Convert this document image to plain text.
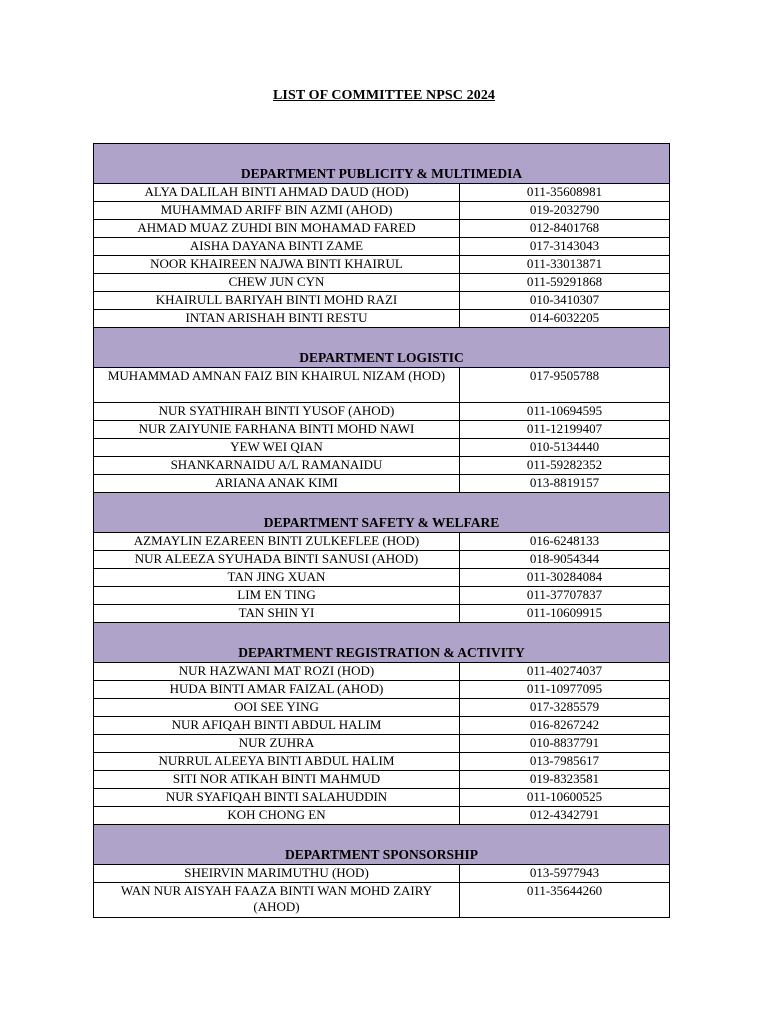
LIST OF COMMITTEE NPSC 2024
DEPARTMENT PUBLICITY & MULTIMEDIA	
ALYA DALILAH BINTI AHMAD DAUD (HOD)	011-35608981
MUHAMMAD ARIFF BIN AZMI (AHOD)	019-2032790
AHMAD MUAZ ZUHDI BIN MOHAMAD FARED	012-8401768
AISHA DAYANA BINTI ZAME	017-3143043
NOOR KHAIREEN NAJWA BINTI KHAIRUL	011-33013871
CHEW JUN CYN	011-59291868
KHAIRULL BARIYAH BINTI MOHD RAZI	010-3410307
INTAN ARISHAH BINTI RESTU	014-6032205
DEPARTMENT LOGISTIC	
MUHAMMAD AMNAN FAIZ BIN KHAIRUL NIZAM (HOD)	017-9505788
NUR SYATHIRAH BINTI YUSOF (AHOD)	011-10694595
NUR ZAIYUNIE FARHANA BINTI MOHD NAWI	011-12199407
YEW WEI QIAN	010-5134440
SHANKARNAIDU A/L RAMANAIDU	011-59282352
ARIANA ANAK KIMI	013-8819157
DEPARTMENT SAFETY & WELFARE	
AZMAYLIN EZAREEN BINTI ZULKEFLEE (HOD)	016-6248133
NUR ALEEZA SYUHADA BINTI SANUSI (AHOD)	018-9054344
TAN JING XUAN	011-30284084
LIM EN TING	011-37707837
TAN SHIN YI	011-10609915
DEPARTMENT REGISTRATION & ACTIVITY	
NUR HAZWANI MAT ROZI (HOD)	011-40274037
HUDA BINTI AMAR FAIZAL (AHOD)	011-10977095
OOI SEE YING	017-3285579
NUR AFIQAH BINTI ABDUL HALIM	016-8267242
NUR ZUHRA	010-8837791
NURRUL ALEEYA BINTI ABDUL HALIM	013-7985617
SITI NOR ATIKAH BINTI MAHMUD	019-8323581
NUR SYAFIQAH BINTI SALAHUDDIN	011-10600525
KOH CHONG EN	012-4342791
DEPARTMENT SPONSORSHIP	
SHEIRVIN MARIMUTHU (HOD)	013-5977943
WAN NUR AISYAH FAAZA BINTI WAN MOHD ZAIRY (AHOD)	011-35644260
